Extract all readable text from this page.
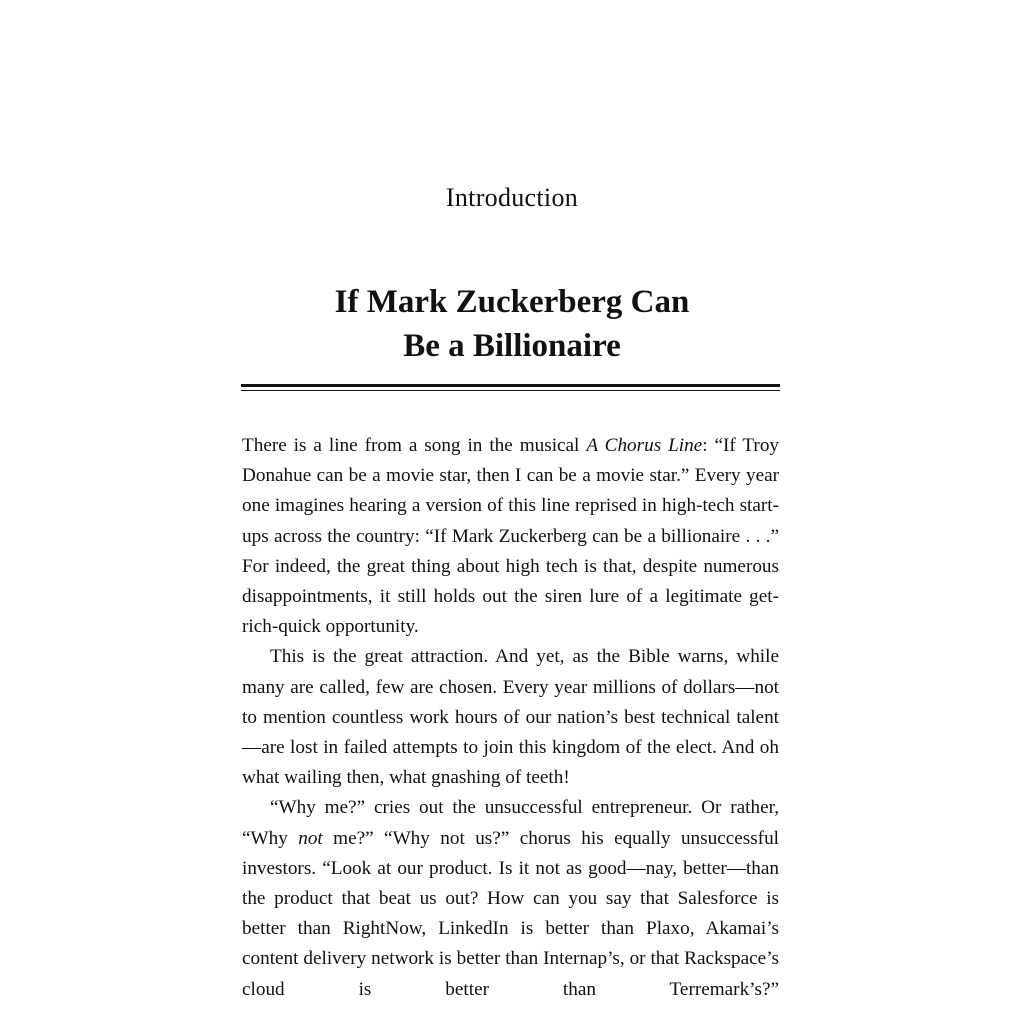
Introduction
If Mark Zuckerberg Can
Be a Billionaire

There is a line from a song in the musical A Chorus Line: “If Troy Donahue can be a movie star, then I can be a movie star.” Every year one imagines hearing a version of this line reprised in high-tech start-ups across the country: “If Mark Zuckerberg can be a billionaire . . .” For indeed, the great thing about high tech is that, despite numerous disappointments, it still holds out the siren lure of a legitimate get-rich-quick opportunity.

This is the great attraction. And yet, as the Bible warns, while many are called, few are chosen. Every year millions of dollars—not to mention countless work hours of our nation’s best technical talent—are lost in failed attempts to join this kingdom of the elect. And oh what wailing then, what gnashing of teeth!

“Why me?” cries out the unsuccessful entrepreneur. Or rather, “Why not me?” “Why not us?” chorus his equally unsuccessful investors. “Look at our product. Is it not as good—nay, better—than the product that beat us out? How can you say that Salesforce is better than RightNow, LinkedIn is better than Plaxo, Akamai’s content delivery network is better than Internap’s, or that Rackspace’s cloud is better than Terremark’s?”
